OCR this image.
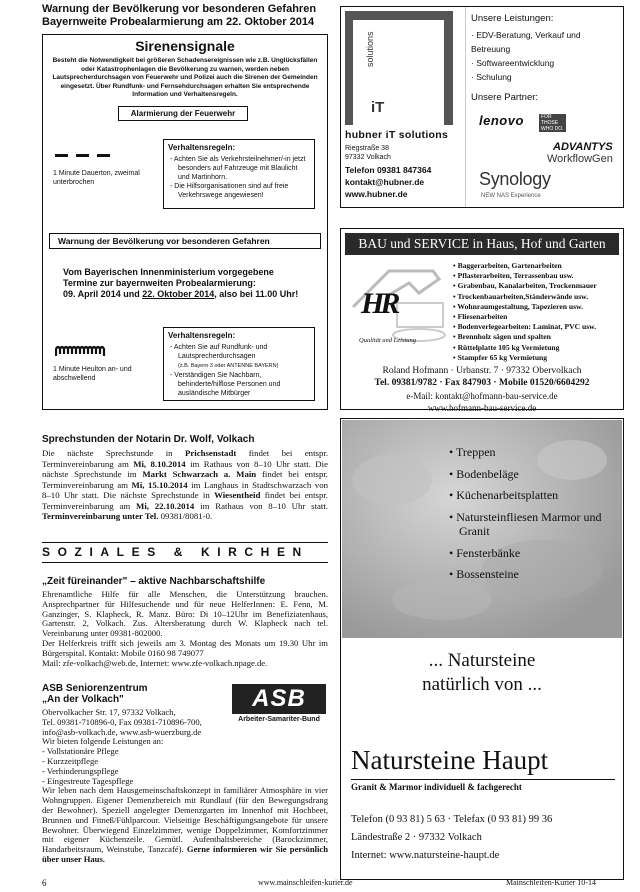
Warnung der Bevölkerung vor besonderen Gefahren
Bayernweite Probealarmierung am 22. Oktober 2014
Sirenensignale
Besteht die Notwendigkeit bei größeren Schadensereignissen wie z.B. Unglücksfällen oder Katastrophenlagen die Bevölkerung zu warnen, werden neben Lautsprecherdurchsagen von Feuerwehr und Polizei auch die Sirenen der Gemeinden eingesetzt. Über Rundfunk- und Fernsehdurchsagen erhalten Sie entsprechende Information und Verhaltensregeln.
Alarmierung der Feuerwehr
1 Minute Dauerton, zweimal unterbrochen
Verhaltensregeln:
- Achten Sie als Verkehrsteilnehmer/-in jetzt besonders auf Fahrzeuge mit Blaulicht und Martinhorn.
- Die Hilfsorganisationen sind auf freie Verkehrswege angewiesen!
Warnung der Bevölkerung vor besonderen Gefahren
Vom Bayerischen Innenministerium vorgegebene
Termine zur bayernweiten Probealarmierung:
09. April 2014 und 22. Oktober 2014, also bei 11.00 Uhr!
1 Minute Heulton an- und abschwellend
Verhaltensregeln:
- Achten Sie auf Rundfunk- und Lautsprecherdurchsagen
(z.B. Bayern 3 oder ANTENNE BAYERN)
- Verständigen Sie Nachbarn, behinderte/hilflose Personen und ausländische Mitbürger
Sprechstunden der Notarin Dr. Wolf, Volkach
Die nächste Sprechstunde in Prichsenstadt findet bei entspr. Terminvereinbarung am Mi, 8.10.2014 im Rathaus von 8–10 Uhr statt. Die nächste Sprechstunde im Markt Schwarzach a. Main findet bei entspr. Terminvereinbarung am Mi, 15.10.2014 im Langhaus in Stadtschwarzach von 8–10 Uhr statt. Die nächste Sprechstunde in Wiesentheid findet bei entspr. Terminvereinbarung am Mi, 22.10.2014 im Rathaus von 8–10 Uhr statt. Terminvereinbarung unter Tel. 09381/8081-0.
SOZIALES & KIRCHEN
„Zeit füreinander" – aktive Nachbarschaftshilfe
Ehrenamtliche Hilfe für alle Menschen, die Unterstützung brauchen. Ansprechpartner für Hilfesuchende und für neue HelferInnen: E. Fenn, M. Ganzinger, S. Klapheck, R. Manz. Büro: Di 10–12Uhr im Benefiziatenhaus, Gartenstr. 2, Volkach. Zus. Altersberatung durch W. Klapheck nach tel. Vereinbarung unter 09381-802000.
Der Helferkreis trifft sich jeweils am 3. Montag des Monats um 19.30 Uhr im Bürgerspital. Kontakt: Mobile 0160 98 749077
Mail: zfe-volkach@web.de, Internet: www.zfe-volkach.npage.de.
ASB Seniorenzentrum
„An der Volkach"	ASB
Arbeiter-Samariter-Bund
Obervolkacher Str. 17, 97332 Volkach,
Tel. 09381-710896-0, Fax 09381-710896-700,
info@asb-volkach.de, www.asb-wuerzburg.de
Wir bieten folgende Leistungen an:
- Vollstationäre Pflege
- Kurzzeitpflege
- Verhinderungspflege
- Eingestreute Tagespflege
Wir leben nach dem Hausgemeinschaftskonzept in familiärer Atmosphäre in vier Wohngruppen. Eigener Demenzbereich mit Rundlauf (für den Bewegungsdrang der Bewohner). Speziell angelegter Demenzgarten im Innenhof mit Hochbeet, Brunnen und Fitneß/Fühlparcour. Vielseitige Beschäftigungsangebote für unsere Bewohner. Überwiegend Einzelzimmer, wenige Doppelzimmer, Komfortzimmer mit eigener Küchenzeile. Gemütl. Aufenthaltsbereiche (Barockzimmer, Handarbeitsraum, Weinstube, Tanzcafé). Gerne informieren wir Sie persönlich über unser Haus.
solutions
iT
hubner iT solutions
Riegstraße 38
97332 Volkach
Telefon 09381 847364
kontakt@hubner.de
www.hubner.de
Unsere Leistungen:
· EDV-Beratung, Verkauf und Betreuung
· Softwareentwicklung
· Schulung
Unsere Partner:
lenovo	FOR
THOSE
WHO DO.
ADVANTYS
WorkflowGen
Synology
NEW NAS Experience
BAU und SERVICE in Haus, Hof und Garten
HR
Qualität und Leistung
• Baggerarbeiten, Gartenarbeiten
• Pflasterarbeiten, Terrassenbau usw.
• Grabenbau, Kanalarbeiten, Trockenmauer
• Trockenbauarbeiten,Ständerwände usw.
• Wohnraumgestaltung, Tapezieren usw.
• Fliesenarbeiten
• Bodenverlegearbeiten: Laminat, PVC usw.
• Brennholz sägen und spalten
• Rüttelplatte 105 kg Vermietung
• Stampfer 65 kg Vermietung
Roland Hofmann · Urbanstr. 7 · 97332 Obervolkach
Tel. 09381/9782 · Fax 847903 · Mobile 01520/6604292
e-Mail: kontakt@hofmann-bau-service.de
www.hofmann-bau-service.de
• Treppen
• Bodenbeläge
• Küchenarbeitsplatten
• Natursteinfliesen Marmor und Granit
• Fensterbänke
• Bossensteine
... Natursteine
natürlich von ...
Natursteine Haupt
Granit & Marmor individuell & fachgerecht
Telefon (0 93 81) 5 63 · Telefax (0 93 81) 99 36
Ländestraße 2 · 97332 Volkach
Internet: www.natursteine-haupt.de
6	www.mainschleifen-kurier.de	Mainschleifen-Kurier 10-14
